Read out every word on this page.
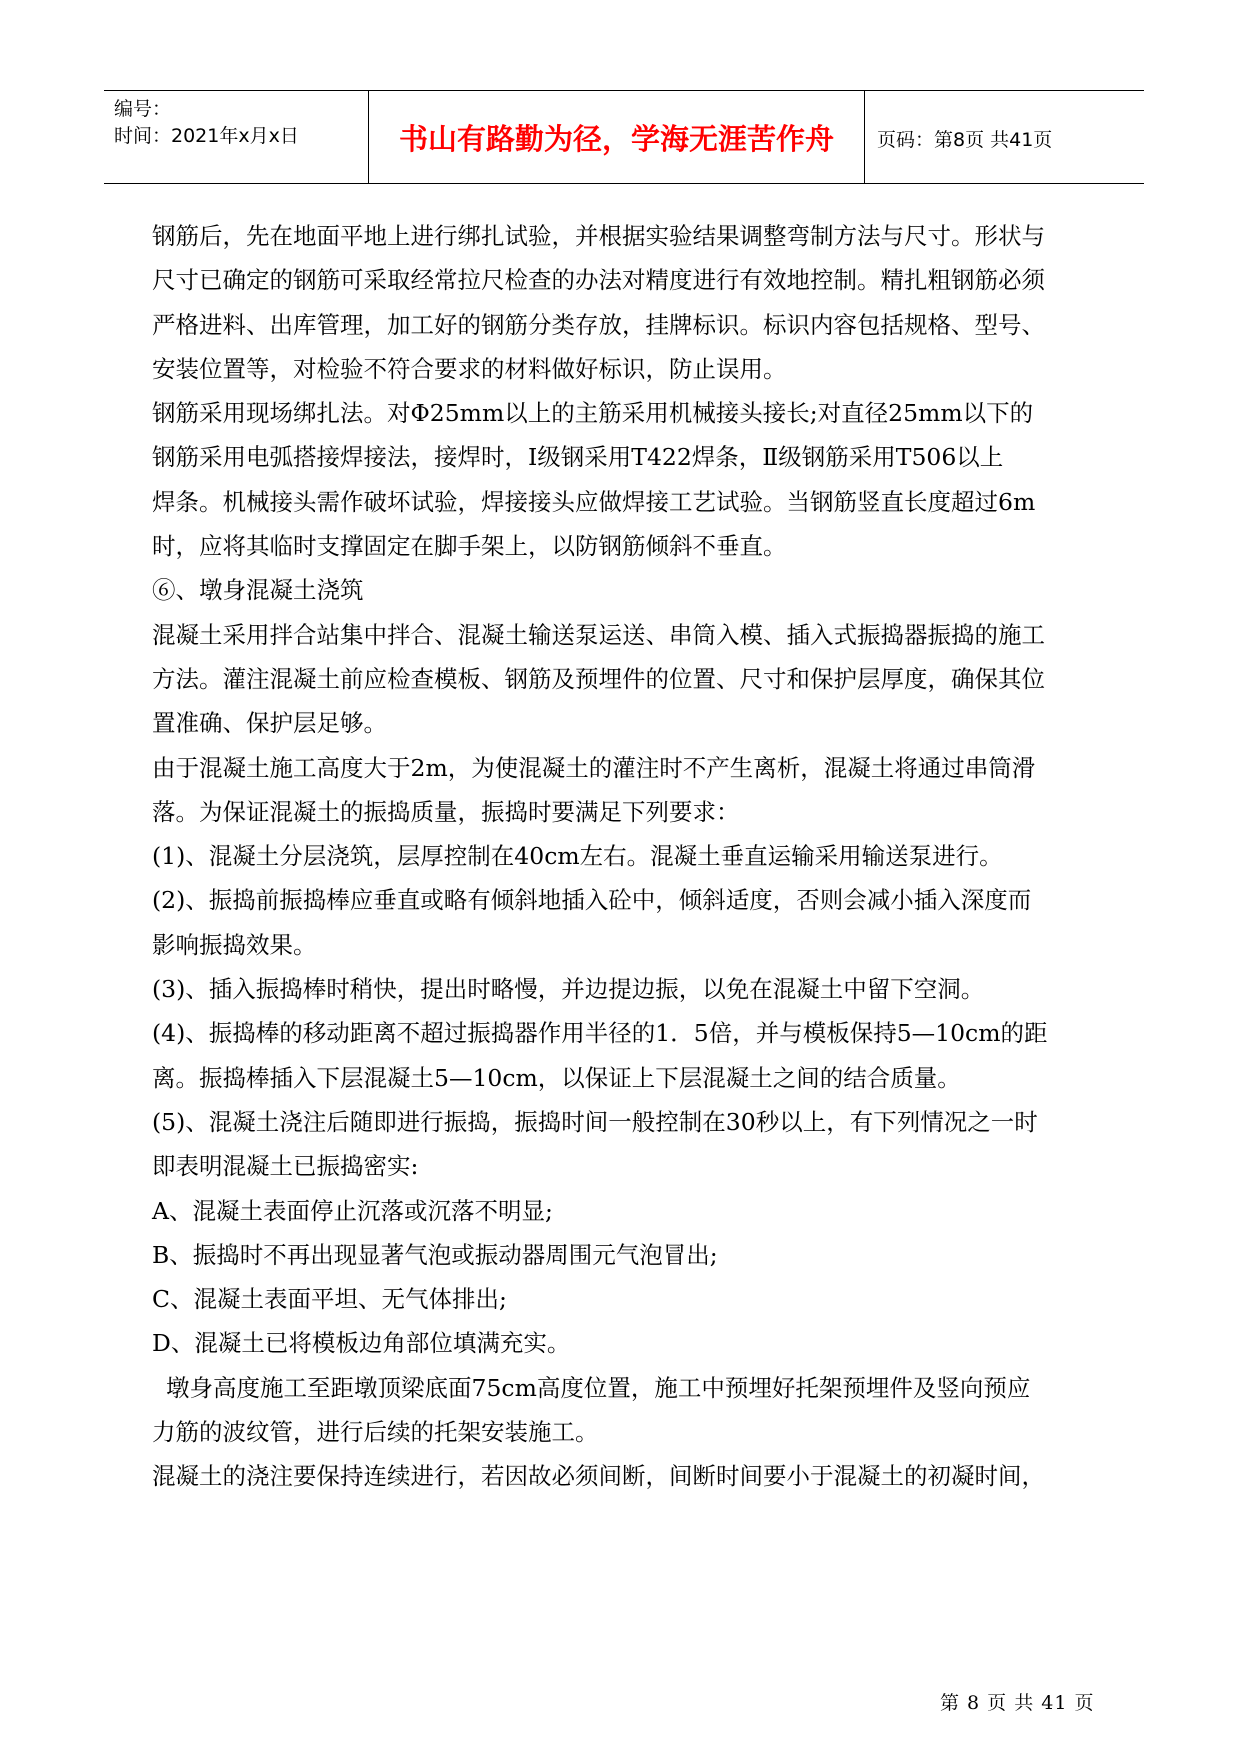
编号：
时间：2021年x月x日	书山有路勤为径，学海无涯苦作舟	页码：第8页 共41页
钢筋后，先在地面平地上进行绑扎试验，并根据实验结果调整弯制方法与尺寸。形状与
尺寸已确定的钢筋可采取经常拉尺检查的办法对精度进行有效地控制。精扎粗钢筋必须
严格进料、出库管理，加工好的钢筋分类存放，挂牌标识。标识内容包括规格、型号、
安装位置等，对检验不符合要求的材料做好标识，防止误用。
钢筋采用现场绑扎法。对Φ25mm以上的主筋采用机械接头接长;对直径25mm以下的
钢筋采用电弧搭接焊接法，接焊时，Ⅰ级钢采用T422焊条，Ⅱ级钢筋采用T506以上
焊条。机械接头需作破坏试验，焊接接头应做焊接工艺试验。当钢筋竖直长度超过6m
时，应将其临时支撑固定在脚手架上，以防钢筋倾斜不垂直。
⑥、墩身混凝土浇筑
混凝土采用拌合站集中拌合、混凝土输送泵运送、串筒入模、插入式振捣器振捣的施工
方法。灌注混凝土前应检查模板、钢筋及预埋件的位置、尺寸和保护层厚度，确保其位
置准确、保护层足够。
由于混凝土施工高度大于2m，为使混凝土的灌注时不产生离析，混凝土将通过串筒滑
落。为保证混凝土的振捣质量，振捣时要满足下列要求：
(1)、混凝土分层浇筑，层厚控制在40cm左右。混凝土垂直运输采用输送泵进行。
(2)、振捣前振捣棒应垂直或略有倾斜地插入砼中，倾斜适度，否则会减小插入深度而
影响振捣效果。
(3)、插入振捣棒时稍快，提出时略慢，并边提边振，以免在混凝土中留下空洞。
(4)、振捣棒的移动距离不超过振捣器作用半径的1．5倍，并与模板保持5—10cm的距
离。振捣棒插入下层混凝土5—10cm，以保证上下层混凝土之间的结合质量。
(5)、混凝土浇注后随即进行振捣，振捣时间一般控制在30秒以上，有下列情况之一时
即表明混凝土已振捣密实:
A、混凝土表面停止沉落或沉落不明显;
B、振捣时不再出现显著气泡或振动器周围元气泡冒出;
C、混凝土表面平坦、无气体排出;
D、混凝土已将模板边角部位填满充实。
墩身高度施工至距墩顶梁底面75cm高度位置，施工中预埋好托架预埋件及竖向预应
力筋的波纹管，进行后续的托架安装施工。
混凝土的浇注要保持连续进行，若因故必须间断，间断时间要小于混凝土的初凝时间，
第 8 页 共 41 页
